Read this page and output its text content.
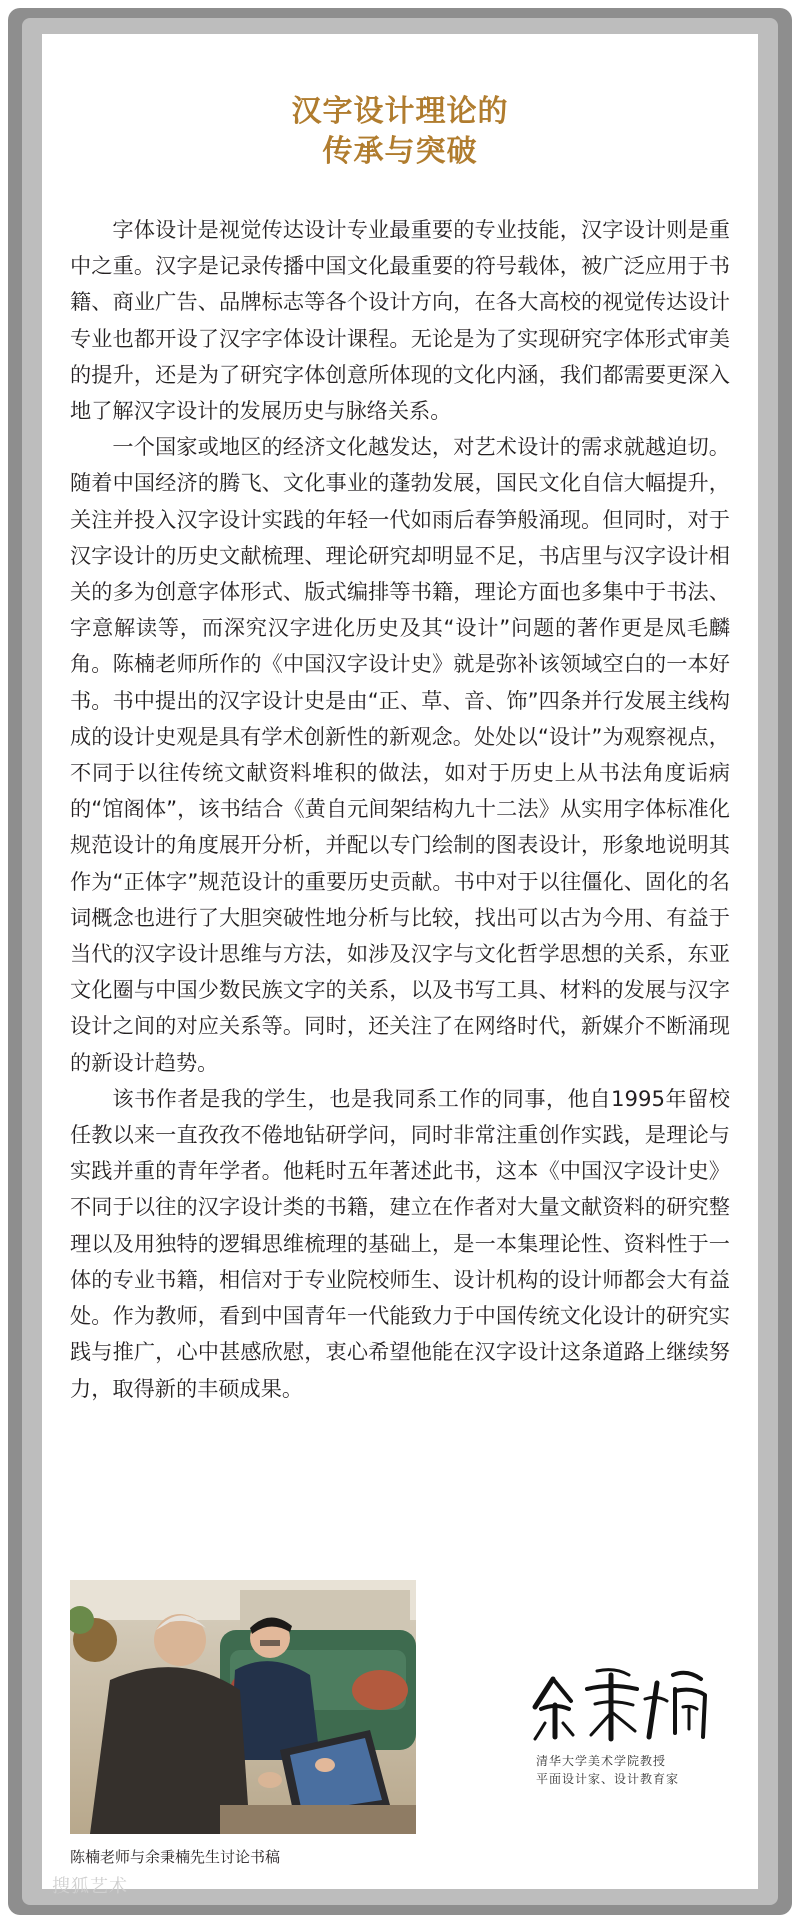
汉字设计理论的
传承与突破

字体设计是视觉传达设计专业最重要的专业技能，汉字设计则是重中之重。汉字是记录传播中国文化最重要的符号载体，被广泛应用于书籍、商业广告、品牌标志等各个设计方向，在各大高校的视觉传达设计专业也都开设了汉字字体设计课程。无论是为了实现研究字体形式审美的提升，还是为了研究字体创意所体现的文化内涵，我们都需要更深入地了解汉字设计的发展历史与脉络关系。

一个国家或地区的经济文化越发达，对艺术设计的需求就越迫切。随着中国经济的腾飞、文化事业的蓬勃发展，国民文化自信大幅提升，关注并投入汉字设计实践的年轻一代如雨后春笋般涌现。但同时，对于汉字设计的历史文献梳理、理论研究却明显不足，书店里与汉字设计相关的多为创意字体形式、版式编排等书籍，理论方面也多集中于书法、字意解读等，而深究汉字进化历史及其“设计”问题的著作更是凤毛麟角。陈楠老师所作的《中国汉字设计史》就是弥补该领域空白的一本好书。书中提出的汉字设计史是由“正、草、音、饰”四条并行发展主线构成的设计史观是具有学术创新性的新观念。处处以“设计”为观察视点，不同于以往传统文献资料堆积的做法，如对于历史上从书法角度诟病的“馆阁体”，该书结合《黄自元间架结构九十二法》从实用字体标准化规范设计的角度展开分析，并配以专门绘制的图表设计，形象地说明其作为“正体字”规范设计的重要历史贡献。书中对于以往僵化、固化的名词概念也进行了大胆突破性地分析与比较，找出可以古为今用、有益于当代的汉字设计思维与方法，如涉及汉字与文化哲学思想的关系，东亚文化圈与中国少数民族文字的关系，以及书写工具、材料的发展与汉字设计之间的对应关系等。同时，还关注了在网络时代，新媒介不断涌现的新设计趋势。

该书作者是我的学生，也是我同系工作的同事，他自1995年留校任教以来一直孜孜不倦地钻研学问，同时非常注重创作实践，是理论与实践并重的青年学者。他耗时五年著述此书，这本《中国汉字设计史》不同于以往的汉字设计类的书籍，建立在作者对大量文献资料的研究整理以及用独特的逻辑思维梳理的基础上，是一本集理论性、资料性于一体的专业书籍，相信对于专业院校师生、设计机构的设计师都会大有益处。作为教师，看到中国青年一代能致力于中国传统文化设计的研究实践与推广，心中甚感欣慰，衷心希望他能在汉字设计这条道路上继续努力，取得新的丰硕成果。

陈楠老师与余秉楠先生讨论书稿
清华大学美术学院教授
平面设计家、设计教育家
搜狐艺术
